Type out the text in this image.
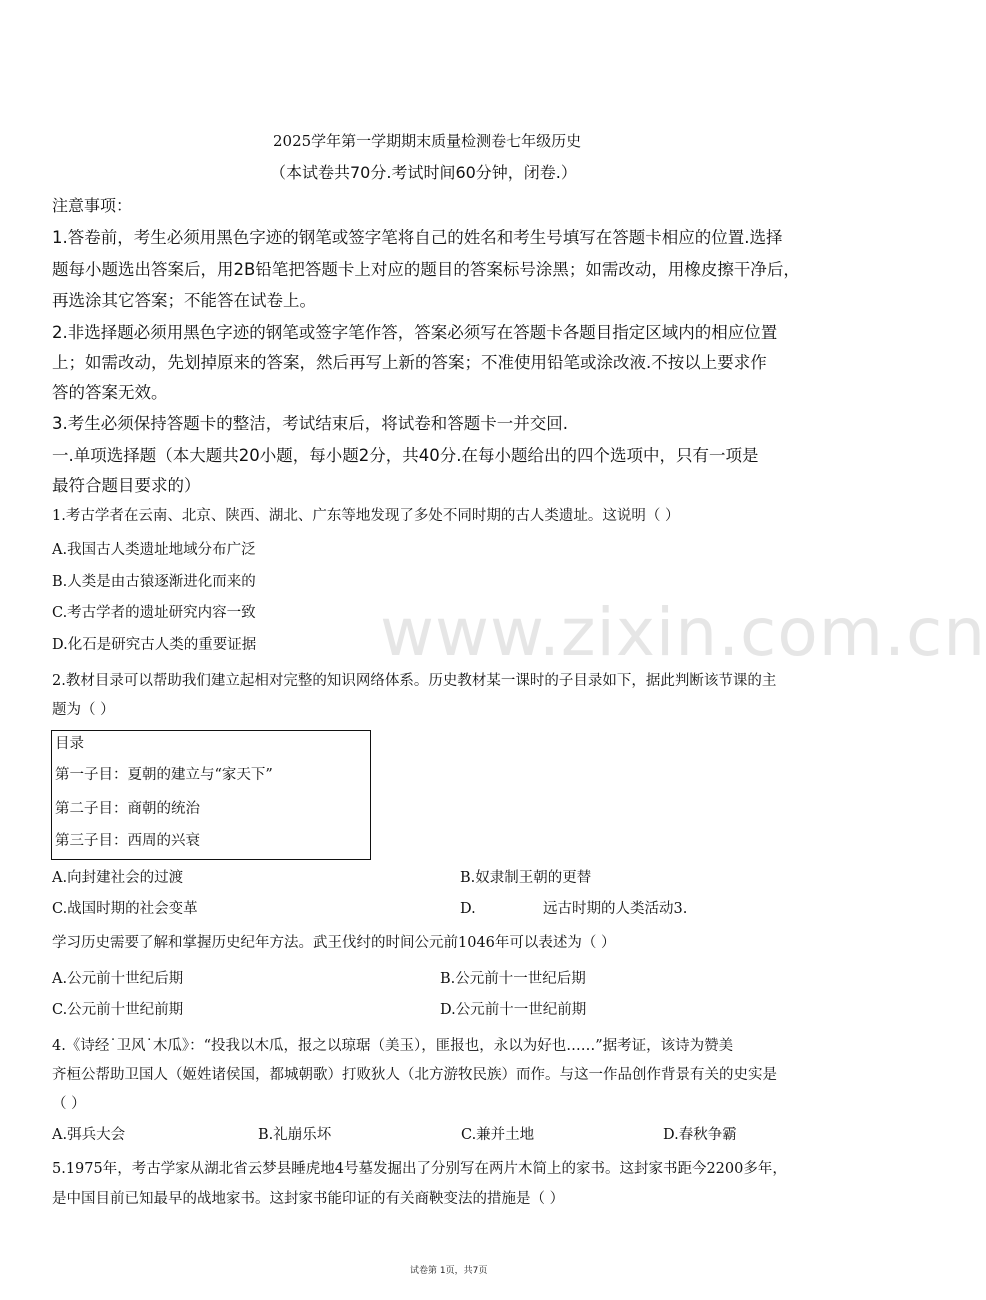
2025学年第一学期期末质量检测卷七年级历史
（本试卷共70分.考试时间60分钟，闭卷.）
注意事项：
1.答卷前，考生必须用黑色字迹的钢笔或签字笔将自己的姓名和考生号填写在答题卡相应的位置.选择
题每小题选出答案后，用2B铅笔把答题卡上对应的题目的答案标号涂黑；如需改动，用橡皮擦干净后，
再选涂其它答案；不能答在试卷上。
2.非选择题必须用黑色字迹的钢笔或签字笔作答，答案必须写在答题卡各题目指定区域内的相应位置
上；如需改动，先划掉原来的答案，然后再写上新的答案；不准使用铅笔或涂改液.不按以上要求作
答的答案无效。
3.考生必须保持答题卡的整洁，考试结束后，将试卷和答题卡一并交回.
一.单项选择题（本大题共20小题，每小题2分，共40分.在每小题给出的四个选项中，只有一项是
最符合题目要求的）
1.考古学者在云南、北京、陕西、湖北、广东等地发现了多处不同时期的古人类遗址。这说明（ ）
A.我国古人类遗址地域分布广泛
B.人类是由古猿逐渐进化而来的
C.考古学者的遗址研究内容一致
D.化石是研究古人类的重要证据 www.zixin.com.cn
2.教材目录可以帮助我们建立起相对完整的知识网络体系。历史教材某一课时的子目录如下，据此判断该节课的主
题为（ ）
目录
第一子目：夏朝的建立与“家天下”
第二子目：商朝的统治
第三子目：西周的兴衰
A.向封建社会的过渡	B.奴隶制王朝的更替
C.战国时期的社会变革	D.	远古时期的人类活动3.
学习历史需要了解和掌握历史纪年方法。武王伐纣的时间公元前1046年可以表述为（ ）
A.公元前十世纪后期	B.公元前十一世纪后期
C.公元前十世纪前期	D.公元前十一世纪前期
4.《诗经˙卫风˙木瓜》：“投我以木瓜，报之以琼琚（美玉），匪报也，永以为好也……”据考证，该诗为赞美
齐桓公帮助卫国人（姬姓诸侯国，都城朝歌）打败狄人（北方游牧民族）而作。与这一作品创作背景有关的史实是
（ ）
A.弭兵大会	B.礼崩乐坏	C.兼并土地	D.春秋争霸
5.1975年，考古学家从湖北省云梦县睡虎地4号墓发掘出了分别写在两片木简上的家书。这封家书距今2200多年，
是中国目前已知最早的战地家书。这封家书能印证的有关商鞅变法的措施是（ ）
试卷第 1页，共7页
